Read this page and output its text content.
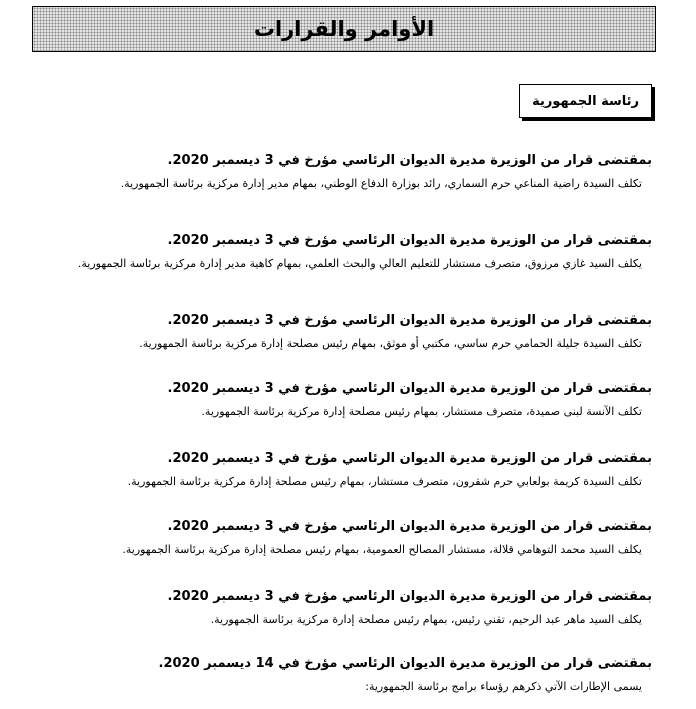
الأوامر والقرارات
رئاسة الجمهورية
بمقتضى قرار من الوزيرة مديرة الديوان الرئاسي مؤرخ في 3 ديسمبر 2020.
تكلف السيدة راضية المناعي حرم السماري، رائد بوزارة الدفاع الوطني، بمهام مدير إدارة مركزية برئاسة الجمهورية.
بمقتضى قرار من الوزيرة مديرة الديوان الرئاسي مؤرخ في 3 ديسمبر 2020.
يكلف السيد غازي مرزوق، متصرف مستشار للتعليم العالي والبحث العلمي، بمهام كاهية مدير إدارة مركزية برئاسة الجمهورية.
بمقتضى قرار من الوزيرة مديرة الديوان الرئاسي مؤرخ في 3 ديسمبر 2020.
تكلف السيدة جليلة الحمامي حرم ساسي، مكتبي أو موثق، بمهام رئيس مصلحة إدارة مركزية برئاسة الجمهورية.
بمقتضى قرار من الوزيرة مديرة الديوان الرئاسي مؤرخ في 3 ديسمبر 2020.
تكلف الآنسة لبنى صميدة، متصرف مستشار، بمهام رئيس مصلحة إدارة مركزية برئاسة الجمهورية.
بمقتضى قرار من الوزيرة مديرة الديوان الرئاسي مؤرخ في 3 ديسمبر 2020.
تكلف السيدة كريمة بولعابي حرم شقرون، متصرف مستشار، بمهام رئيس مصلحة إدارة مركزية برئاسة الجمهورية.
بمقتضى قرار من الوزيرة مديرة الديوان الرئاسي مؤرخ في 3 ديسمبر 2020.
يكلف السيد محمد التوهامي قلالة، مستشار المصالح العمومية، بمهام رئيس مصلحة إدارة مركزية برئاسة الجمهورية.
بمقتضى قرار من الوزيرة مديرة الديوان الرئاسي مؤرخ في 3 ديسمبر 2020.
يكلف السيد ماهر عبد الرحيم، تقني رئيس، بمهام رئيس مصلحة إدارة مركزية برئاسة الجمهورية.
بمقتضى قرار من الوزيرة مديرة الديوان الرئاسي مؤرخ في 14 ديسمبر 2020.
يسمى الإطارات الآتي ذكرهم رؤساء برامج برئاسة الجمهورية:
